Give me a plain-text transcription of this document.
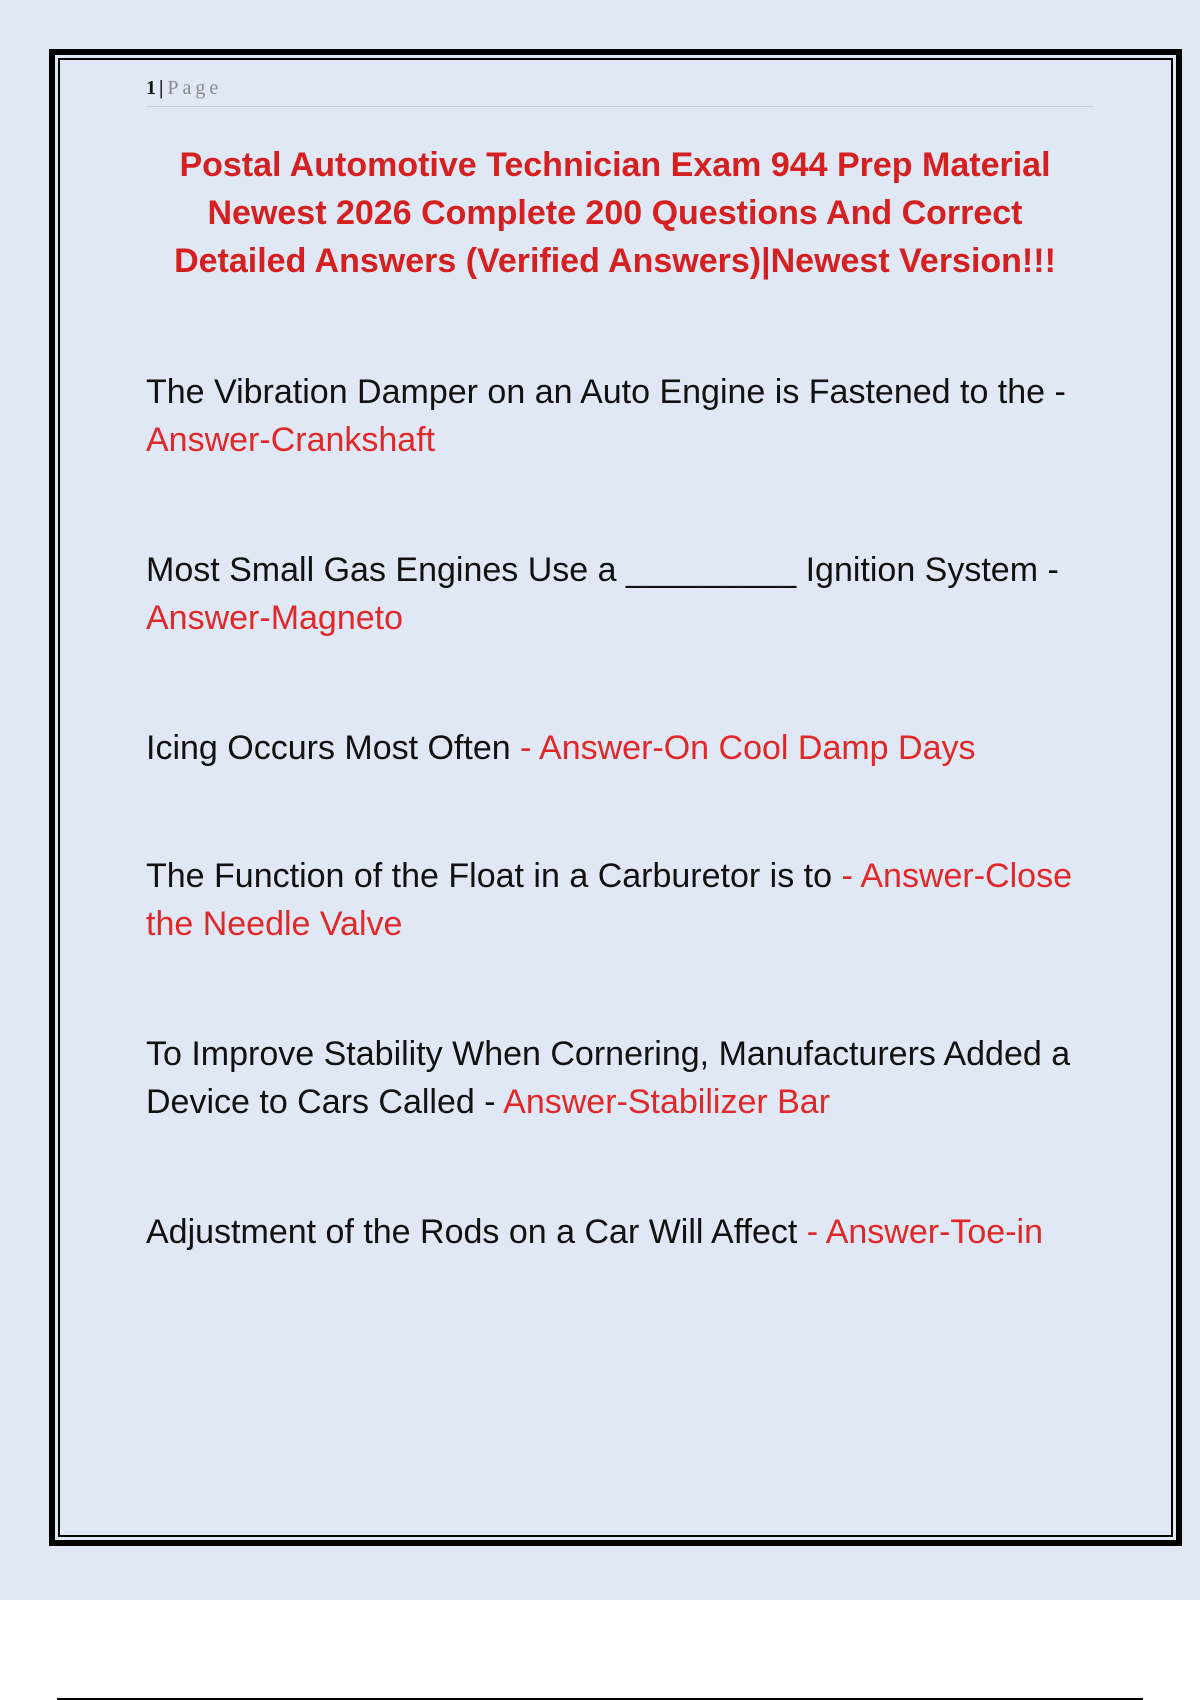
1 | Page
Postal Automotive Technician Exam 944 Prep Material
Newest 2026 Complete 200 Questions And Correct
Detailed Answers (Verified Answers)|Newest Version!!!
The Vibration Damper on an Auto Engine is Fastened to the - Answer-Crankshaft
Most Small Gas Engines Use a _________ Ignition System - Answer-Magneto
Icing Occurs Most Often - Answer-On Cool Damp Days
The Function of the Float in a Carburetor is to - Answer-Close the Needle Valve
To Improve Stability When Cornering, Manufacturers Added a Device to Cars Called - Answer-Stabilizer Bar
Adjustment of the Rods on a Car Will Affect - Answer-Toe-in
